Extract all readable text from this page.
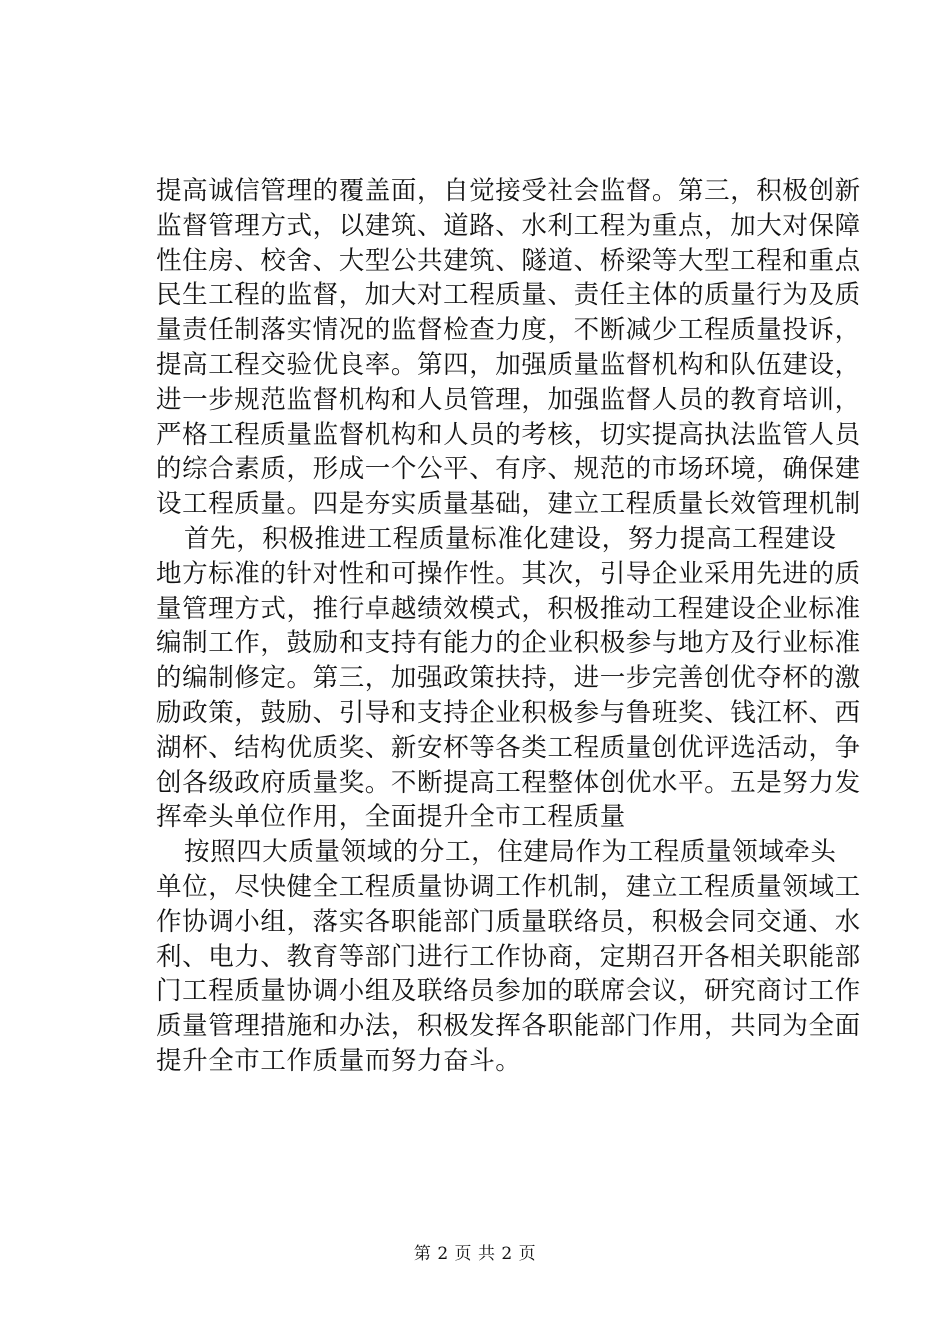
提高诚信管理的覆盖面，自觉接受社会监督。第三，积极创新
监督管理方式，以建筑、道路、水利工程为重点，加大对保障
性住房、校舍、大型公共建筑、隧道、桥梁等大型工程和重点
民生工程的监督，加大对工程质量、责任主体的质量行为及质
量责任制落实情况的监督检查力度，不断减少工程质量投诉，
提高工程交验优良率。第四，加强质量监督机构和队伍建设，
进一步规范监督机构和人员管理，加强监督人员的教育培训，
严格工程质量监督机构和人员的考核，切实提高执法监管人员
的综合素质，形成一个公平、有序、规范的市场环境，确保建
设工程质量。四是夯实质量基础，建立工程质量长效管理机制
首先，积极推进工程质量标准化建设，努力提高工程建设
地方标准的针对性和可操作性。其次，引导企业采用先进的质
量管理方式，推行卓越绩效模式，积极推动工程建设企业标准
编制工作，鼓励和支持有能力的企业积极参与地方及行业标准
的编制修定。第三，加强政策扶持，进一步完善创优夺杯的激
励政策，鼓励、引导和支持企业积极参与鲁班奖、钱江杯、西
湖杯、结构优质奖、新安杯等各类工程质量创优评选活动，争
创各级政府质量奖。不断提高工程整体创优水平。五是努力发
挥牵头单位作用，全面提升全市工程质量
按照四大质量领域的分工，住建局作为工程质量领域牵头
单位，尽快健全工程质量协调工作机制，建立工程质量领域工
作协调小组，落实各职能部门质量联络员，积极会同交通、水
利、电力、教育等部门进行工作协商，定期召开各相关职能部
门工程质量协调小组及联络员参加的联席会议，研究商讨工作
质量管理措施和办法，积极发挥各职能部门作用，共同为全面
提升全市工作质量而努力奋斗。
第 2 页 共 2 页
